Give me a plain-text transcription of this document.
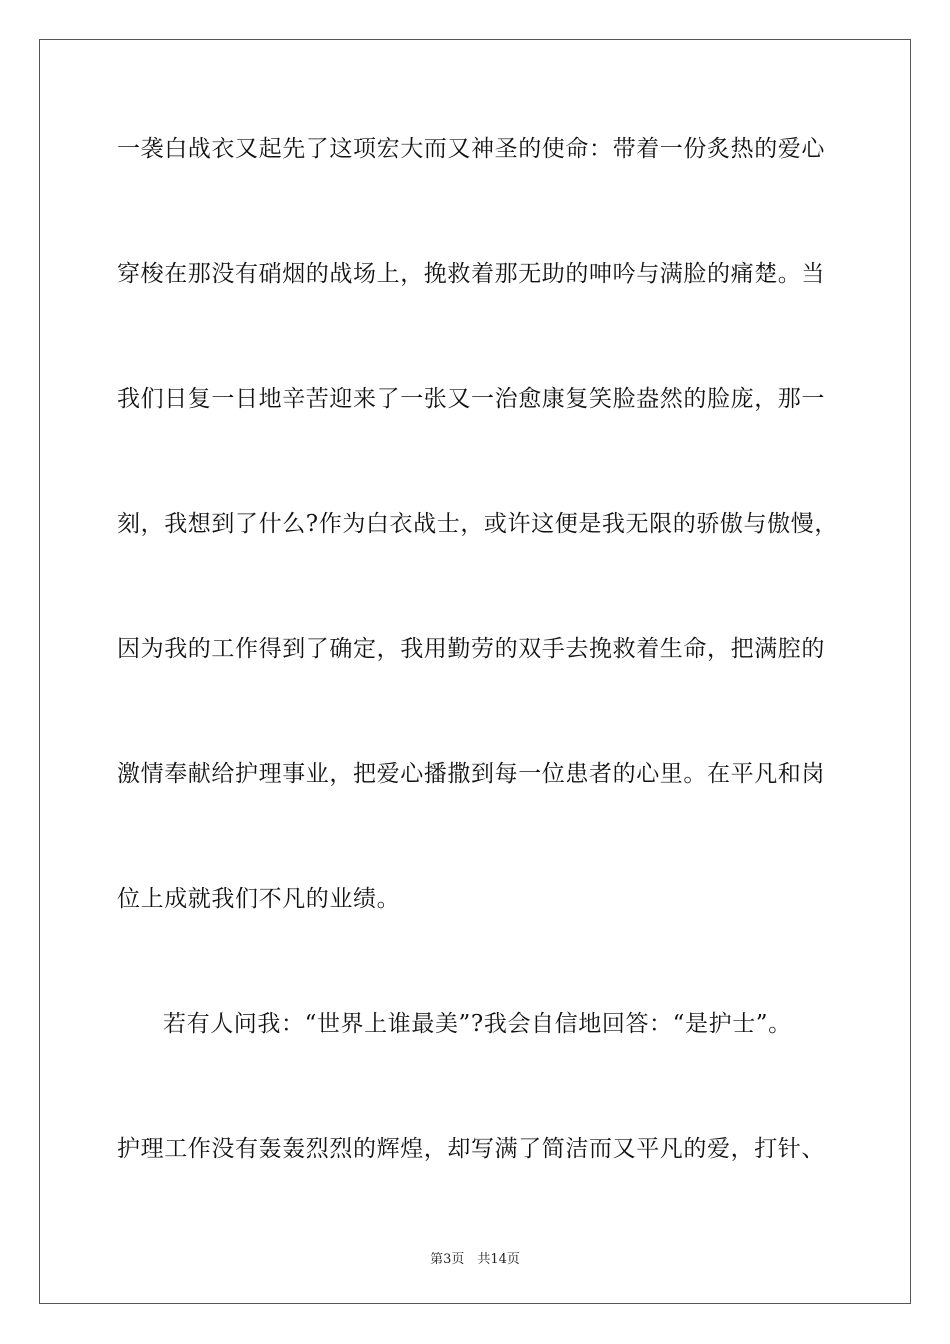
一袭白战衣又起先了这项宏大而又神圣的使命：带着一份炙热的爱心
穿梭在那没有硝烟的战场上，挽救着那无助的呻吟与满脸的痛楚。当
我们日复一日地辛苦迎来了一张又一治愈康复笑脸盎然的脸庞，那一
刻，我想到了什么?作为白衣战士，或许这便是我无限的骄傲与傲慢，
因为我的工作得到了确定，我用勤劳的双手去挽救着生命，把满腔的
激情奉献给护理事业，把爱心播撒到每一位患者的心里。在平凡和岗
位上成就我们不凡的业绩。
若有人问我：“世界上谁最美”?我会自信地回答：“是护士”。
护理工作没有轰轰烈烈的辉煌，却写满了简洁而又平凡的爱，打针、
第3页　共14页
